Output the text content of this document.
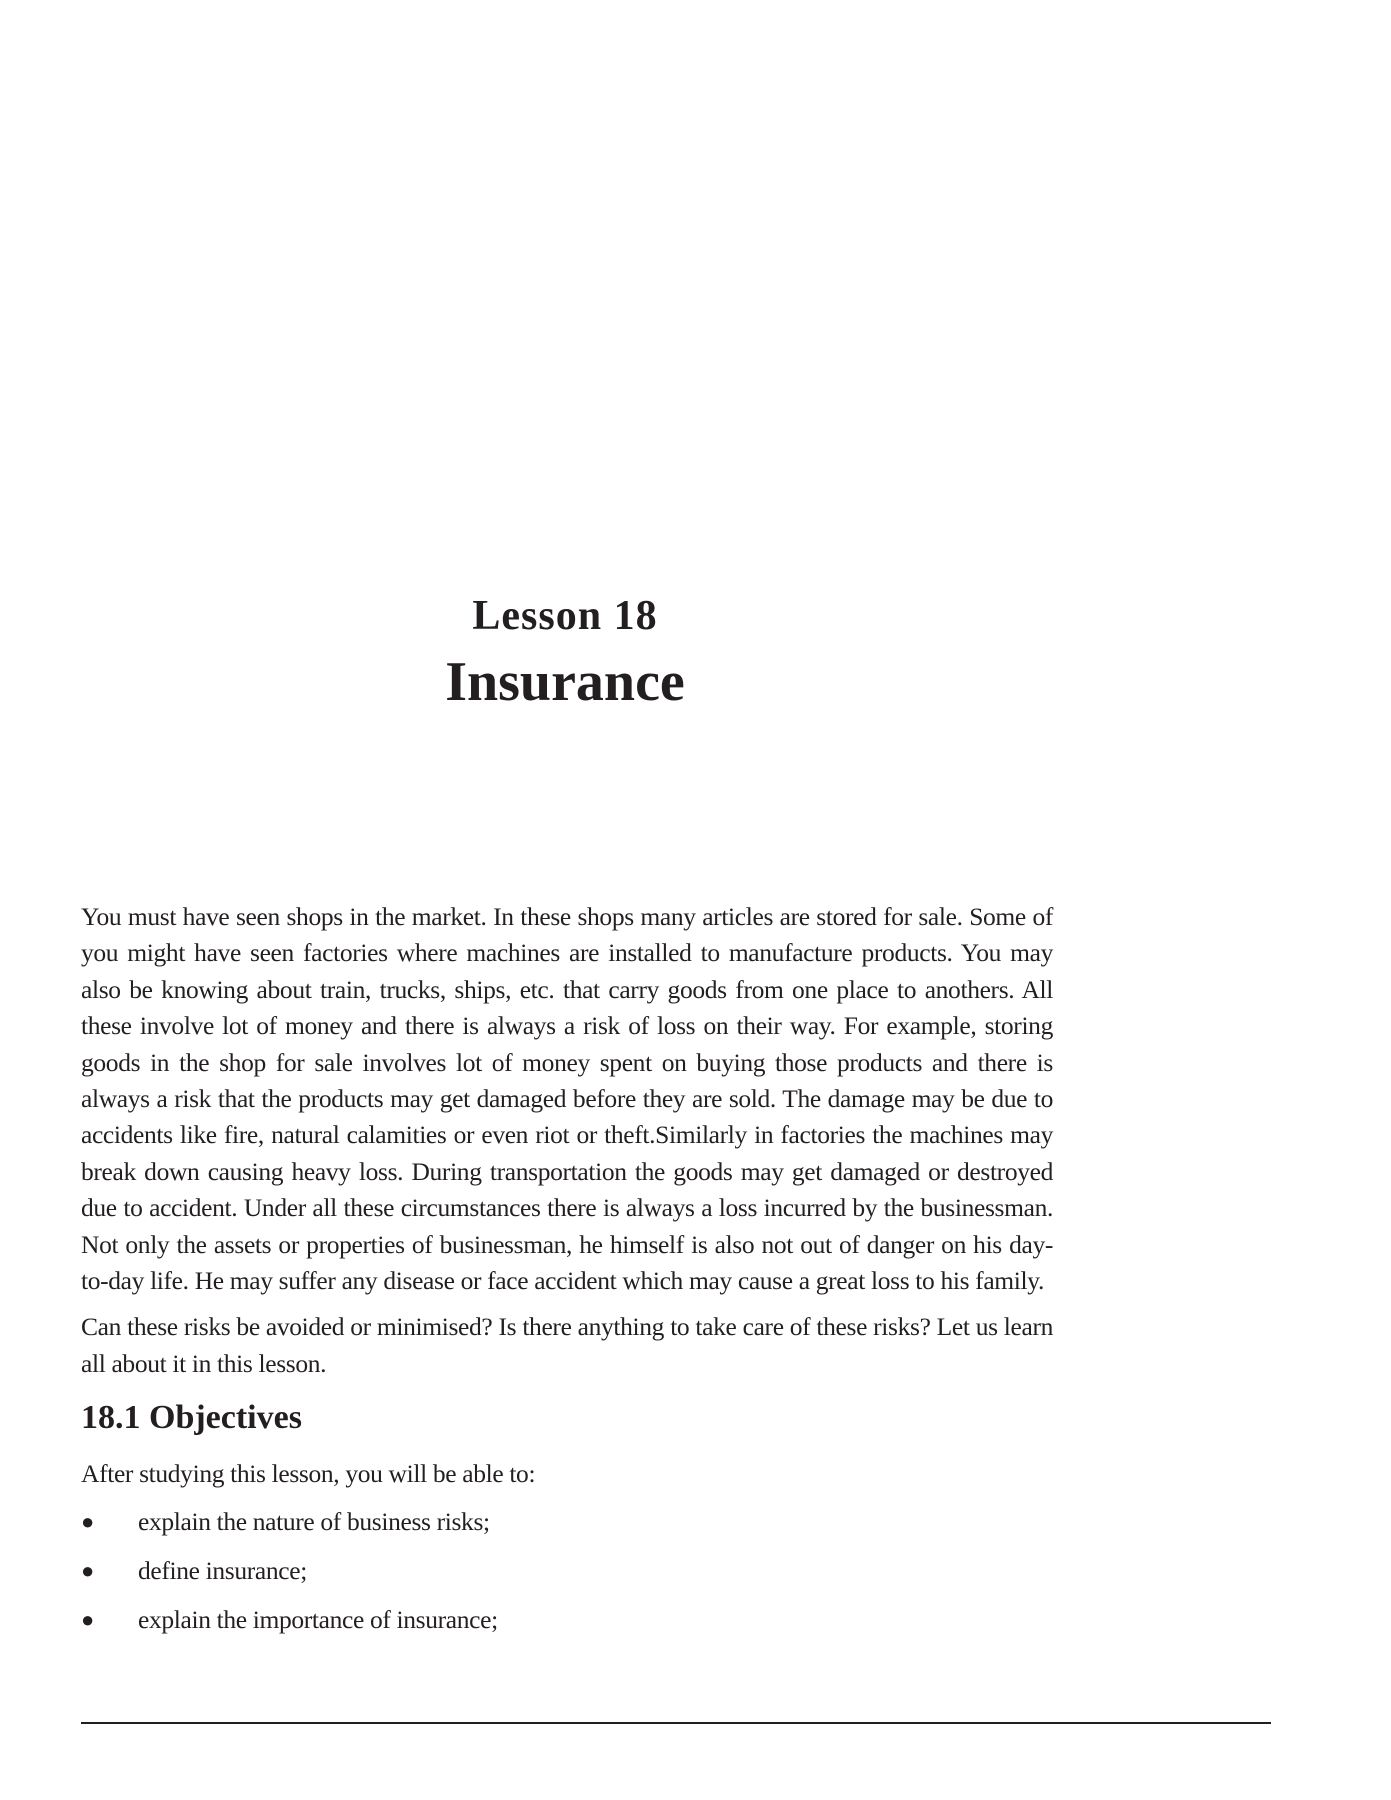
Lesson 18
Insurance

You must have seen shops in the market. In these shops many articles are stored for sale. Some of you might have seen factories where machines are installed to manufacture products. You may also be knowing about train, trucks, ships, etc. that carry goods from one place to anothers. All these involve lot of money and there is always a risk of loss on their way. For example, storing goods in the shop for sale involves lot of money spent on buying those products and there is always a risk that the products may get damaged before they are sold. The damage may be due to accidents like fire, natural calamities or even riot or theft.Similarly in factories the machines may break down causing heavy loss. During transportation the goods may get damaged or destroyed due to accident. Under all these circumstances there is always a loss incurred by the businessman. Not only the assets or properties of businessman, he himself is also not out of danger on his day-to-day life. He may suffer any disease or face accident which may cause a great loss to his family.

Can these risks be avoided or minimised? Is there anything to take care of these risks? Let us learn all about it in this lesson.

18.1 Objectives

After studying this lesson, you will be able to:

● explain the nature of business risks;
● define insurance;
● explain the importance of insurance;
